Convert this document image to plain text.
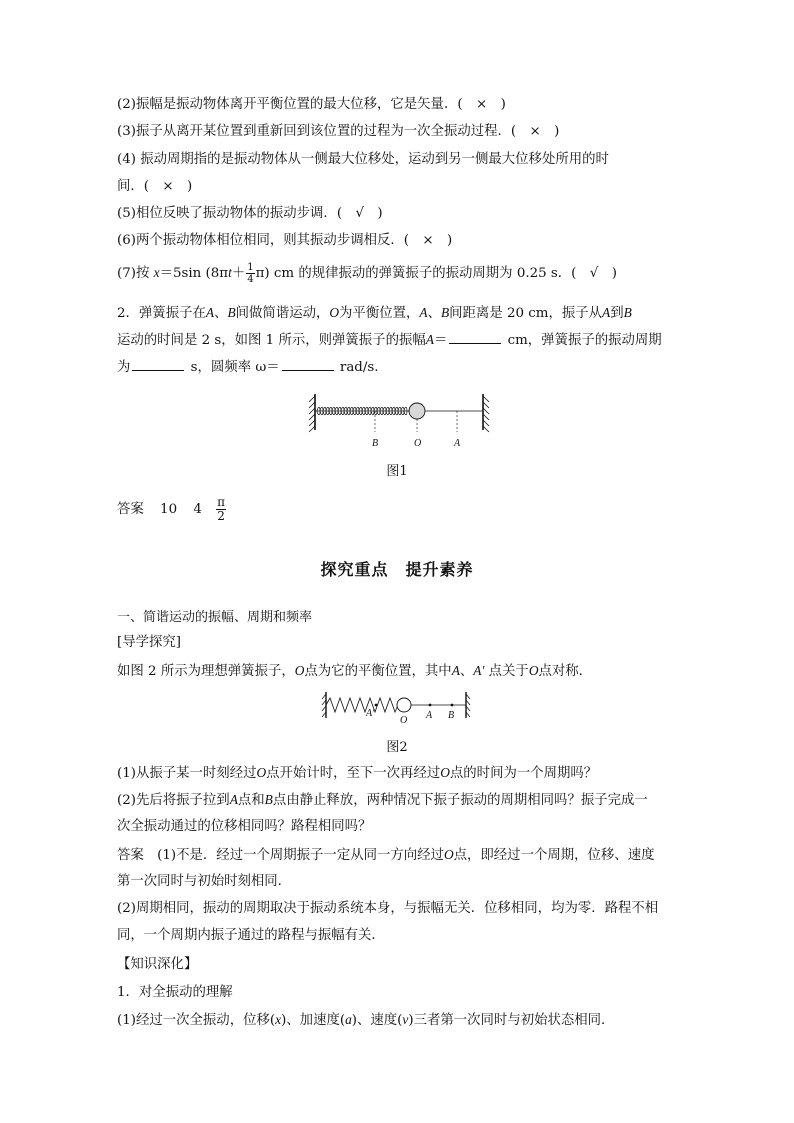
(2)振幅是振动物体离开平衡位置的最大位移，它是矢量．(　×　)
(3)振子从离开某位置到重新回到该位置的过程为一次全振动过程．(　×　)
(4) 振动周期指的是振动物体从一侧最大位移处，运动到另一侧最大位移处所用的时
间．(　×　)
(5)相位反映了振动物体的振动步调．(　√　)
(6)两个振动物体相位相同，则其振动步调相反．(　×　)
(7)按 x＝5sin $(8\pi t+ \frac{1}{4} \pi)$ cm 的规律振动的弹簧振子的振动周期为 0.25 s．(　√　)
2．弹簧振子在A、B间做简谐运动，O为平衡位置，A、B间距离是 20 cm，振子从A到B
运动的时间是 2 s，如图 1 所示，则弹簧振子的振幅A＝	cm，弹簧振子的振动周期
为	s，圆频率 ω＝	rad/s.
B	O	A
图1
答案 10 $4 \frac{\pi}{2}$
探究重点　提升素养
一、简谐运动的振幅、周期和频率
[导学探究]
如图 2 所示为理想弹簧振子，O点为它的平衡位置，其中A、A′ 点关于O点对称．
A′
O A B
图2
(1)从振子某一时刻经过O点开始计时，至下一次再经过O点的时间为一个周期吗？
(2)先后将振子拉到A点和B点由静止释放，两种情况下振子振动的周期相同吗？振子完成一
次全振动通过的位移相同吗？路程相同吗？
答案　(1)不是．经过一个周期振子一定从同一方向经过O点，即经过一个周期，位移、速度
第一次同时与初始时刻相同．
(2)周期相同，振动的周期取决于振动系统本身，与振幅无关．位移相同，均为零．路程不相
同，一个周期内振子通过的路程与振幅有关．
【知识深化】
1．对全振动的理解
(1)经过一次全振动，位移(x)、加速度(a)、速度(v)三者第一次同时与初始状态相同．
